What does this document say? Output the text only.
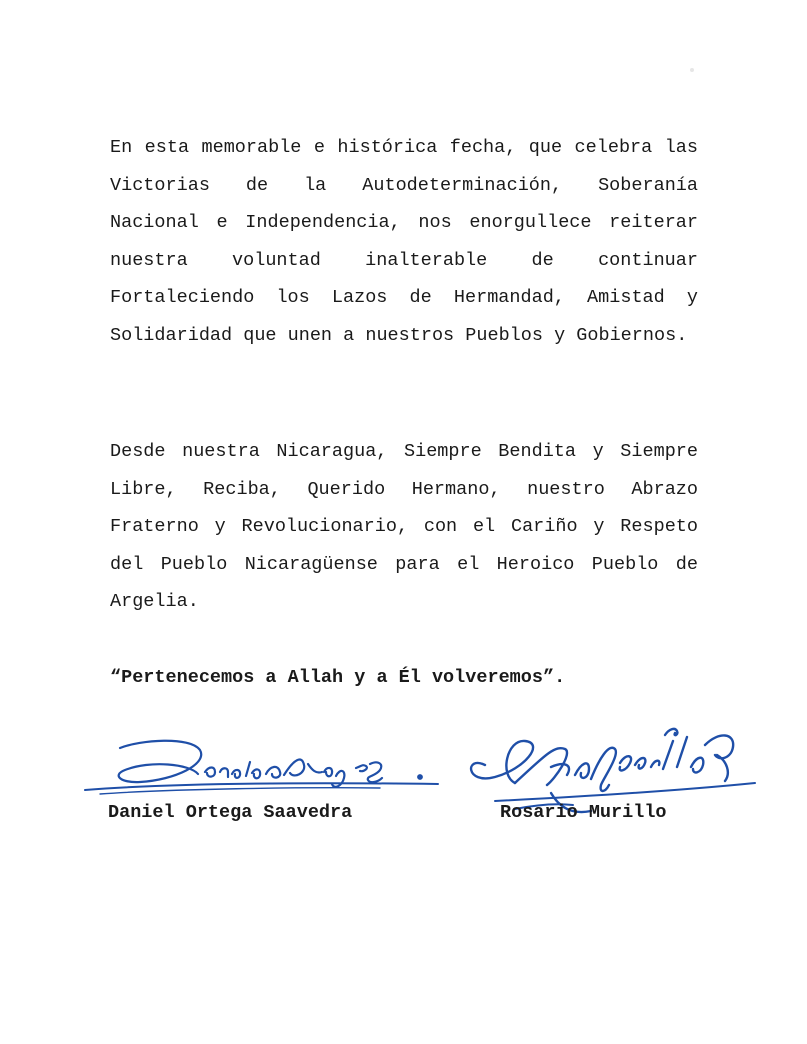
En esta memorable e histórica fecha, que celebra las Victorias de la Autodeterminación, Soberanía Nacional e Independencia, nos enorgullece reiterar nuestra voluntad inalterable de continuar Fortaleciendo los Lazos de Hermandad, Amistad y Solidaridad que unen a nuestros Pueblos y Gobiernos.

Desde nuestra Nicaragua, Siempre Bendita y Siempre Libre, Reciba, Querido Hermano, nuestro Abrazo Fraterno y Revolucionario, con el Cariño y Respeto del Pueblo Nicaragüense para el Heroico Pueblo de Argelia.

“Pertenecemos a Allah y a Él volveremos”.
Daniel Ortega Saavedra	Rosario Murillo
